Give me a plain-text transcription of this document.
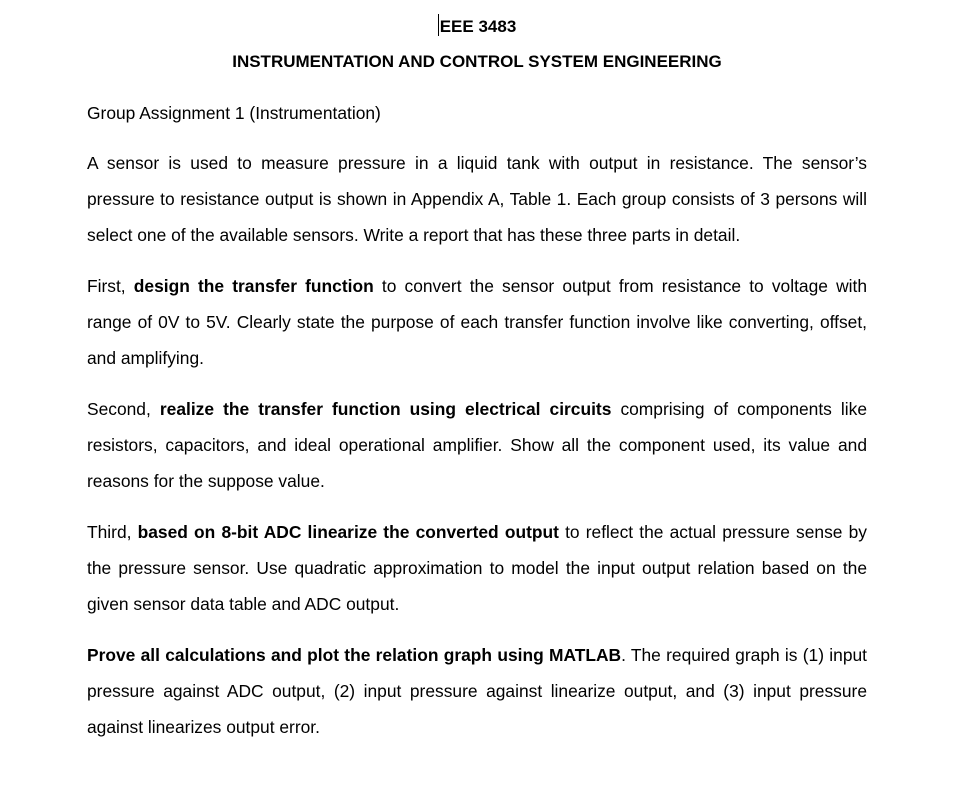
EEE 3483
INSTRUMENTATION AND CONTROL SYSTEM ENGINEERING
Group Assignment 1 (Instrumentation)
A sensor is used to measure pressure in a liquid tank with output in resistance. The sensor’s pressure to resistance output is shown in Appendix A, Table 1. Each group consists of 3 persons will select one of the available sensors. Write a report that has these three parts in detail.
First, design the transfer function to convert the sensor output from resistance to voltage with range of 0V to 5V. Clearly state the purpose of each transfer function involve like converting, offset, and amplifying.
Second, realize the transfer function using electrical circuits comprising of components like resistors, capacitors, and ideal operational amplifier. Show all the component used, its value and reasons for the suppose value.
Third, based on 8-bit ADC linearize the converted output to reflect the actual pressure sense by the pressure sensor. Use quadratic approximation to model the input output relation based on the given sensor data table and ADC output.
Prove all calculations and plot the relation graph using MATLAB. The required graph is (1) input pressure against ADC output, (2) input pressure against linearize output, and (3) input pressure against linearizes output error.
